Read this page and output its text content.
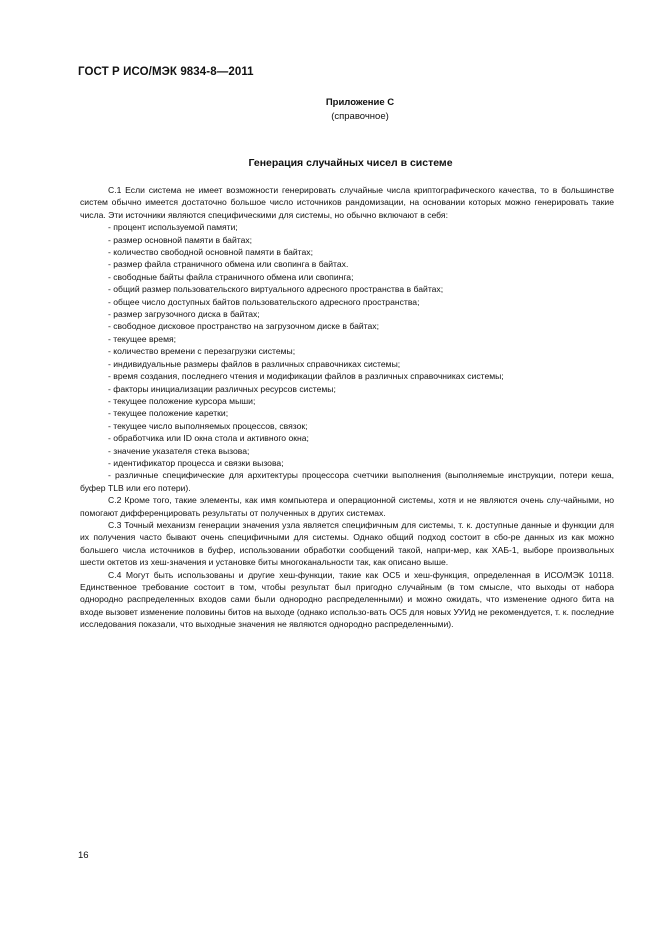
ГОСТ Р ИСО/МЭК 9834-8—2011
Приложение С
(справочное)
Генерация случайных чисел в системе

С.1 Если система не имеет возможности генерировать случайные числа криптографического качества, то в большинстве систем обычно имеется достаточно большое число источников рандомизации, на основании которых можно генерировать такие числа. Эти источники являются специфическими для системы, но обычно включают в себя:

- процент используемой памяти;
- размер основной памяти в байтах;
- количество свободной основной памяти в байтах;
- размер файла страничного обмена или свопинга в байтах.
- свободные байты файла страничного обмена или свопинга;
- общий размер пользовательского виртуального адресного пространства в байтах;
- общее число доступных байтов пользовательского адресного пространства;
- размер загрузочного диска в байтах;
- свободное дисковое пространство на загрузочном диске в байтах;
- текущее время;
- количество времени с перезагрузки системы;
- индивидуальные размеры файлов в различных справочниках системы;
- время создания, последнего чтения и модификации файлов в различных справочниках системы;
- факторы инициализации различных ресурсов системы;
- текущее положение курсора мыши;
- текущее положение каретки;
- текущее число выполняемых процессов, связок;
- обработчика или ID окна стола и активного окна;
- значение указателя стека вызова;
- идентификатор процесса и связки вызова;
- различные специфические для архитектуры процессора счетчики выполнения (выполняемые инструкции, потери кеша, буфер TLB или его потери).

С.2 Кроме того, такие элементы, как имя компьютера и операционной системы, хотя и не являются очень слу-чайными, но помогают дифференцировать результаты от полученных в других системах.

С.3 Точный механизм генерации значения узла является специфичным для системы, т. к. доступные данные и функции для их получения часто бывают очень специфичными для системы. Однако общий подход состоит в сбо-ре данных из как можно большего числа источников в буфер, использовании обработки сообщений такой, напри-мер, как ХАБ-1, выборе произвольных шести октетов из хеш-значения и установке биты многоканальности так, как описано выше.

С.4 Могут быть использованы и другие хеш-функции, такие как ОС5 и хеш-функция, определенная в ИСО/МЭК 10118. Единственное требование состоит в том, чтобы результат был пригодно случайным (в том смысле, что выходы от набора однородно распределенных входов сами были однородно распределенными) и можно ожидать, что изменение одного бита на входе вызовет изменение половины битов на выходе (однако использо-вать ОС5 для новых УУИд не рекомендуется, т. к. последние исследования показали, что выходные значения не являются однородно распределенными).

16
